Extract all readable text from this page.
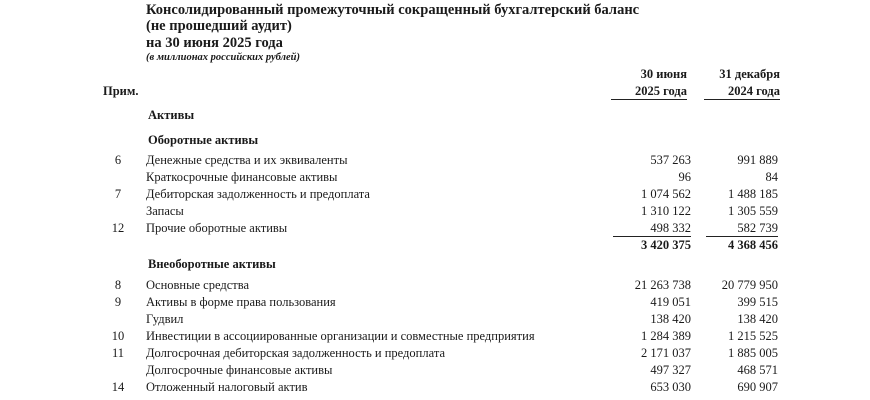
Консолидированный промежуточный сокращенный бухгалтерский баланс
(не прошедший аудит)
на 30 июня 2025 года
(в миллионах российских рублей)
Прим.
30 июня
2025 года
31 декабря
2024 года
Активы
Оборотные активы
6	Денежные средства и их эквиваленты	537 263	991 889
Краткосрочные финансовые активы	96	84
7	Дебиторская задолженность и предоплата	1 074 562	1 488 185
Запасы	1 310 122	1 305 559
12	Прочие оборотные активы	498 332	582 739
3 420 375	4 368 456
Внеоборотные активы
8	Основные средства	21 263 738	20 779 950
9	Активы в форме права пользования	419 051	399 515
Гудвил	138 420	138 420
10	Инвестиции в ассоциированные организации и совместные предприятия	1 284 389	1 215 525
11	Долгосрочная дебиторская задолженность и предоплата	2 171 037	1 885 005
Долгосрочные финансовые активы	497 327	468 571
14	Отложенный налоговый актив	653 030	690 907
